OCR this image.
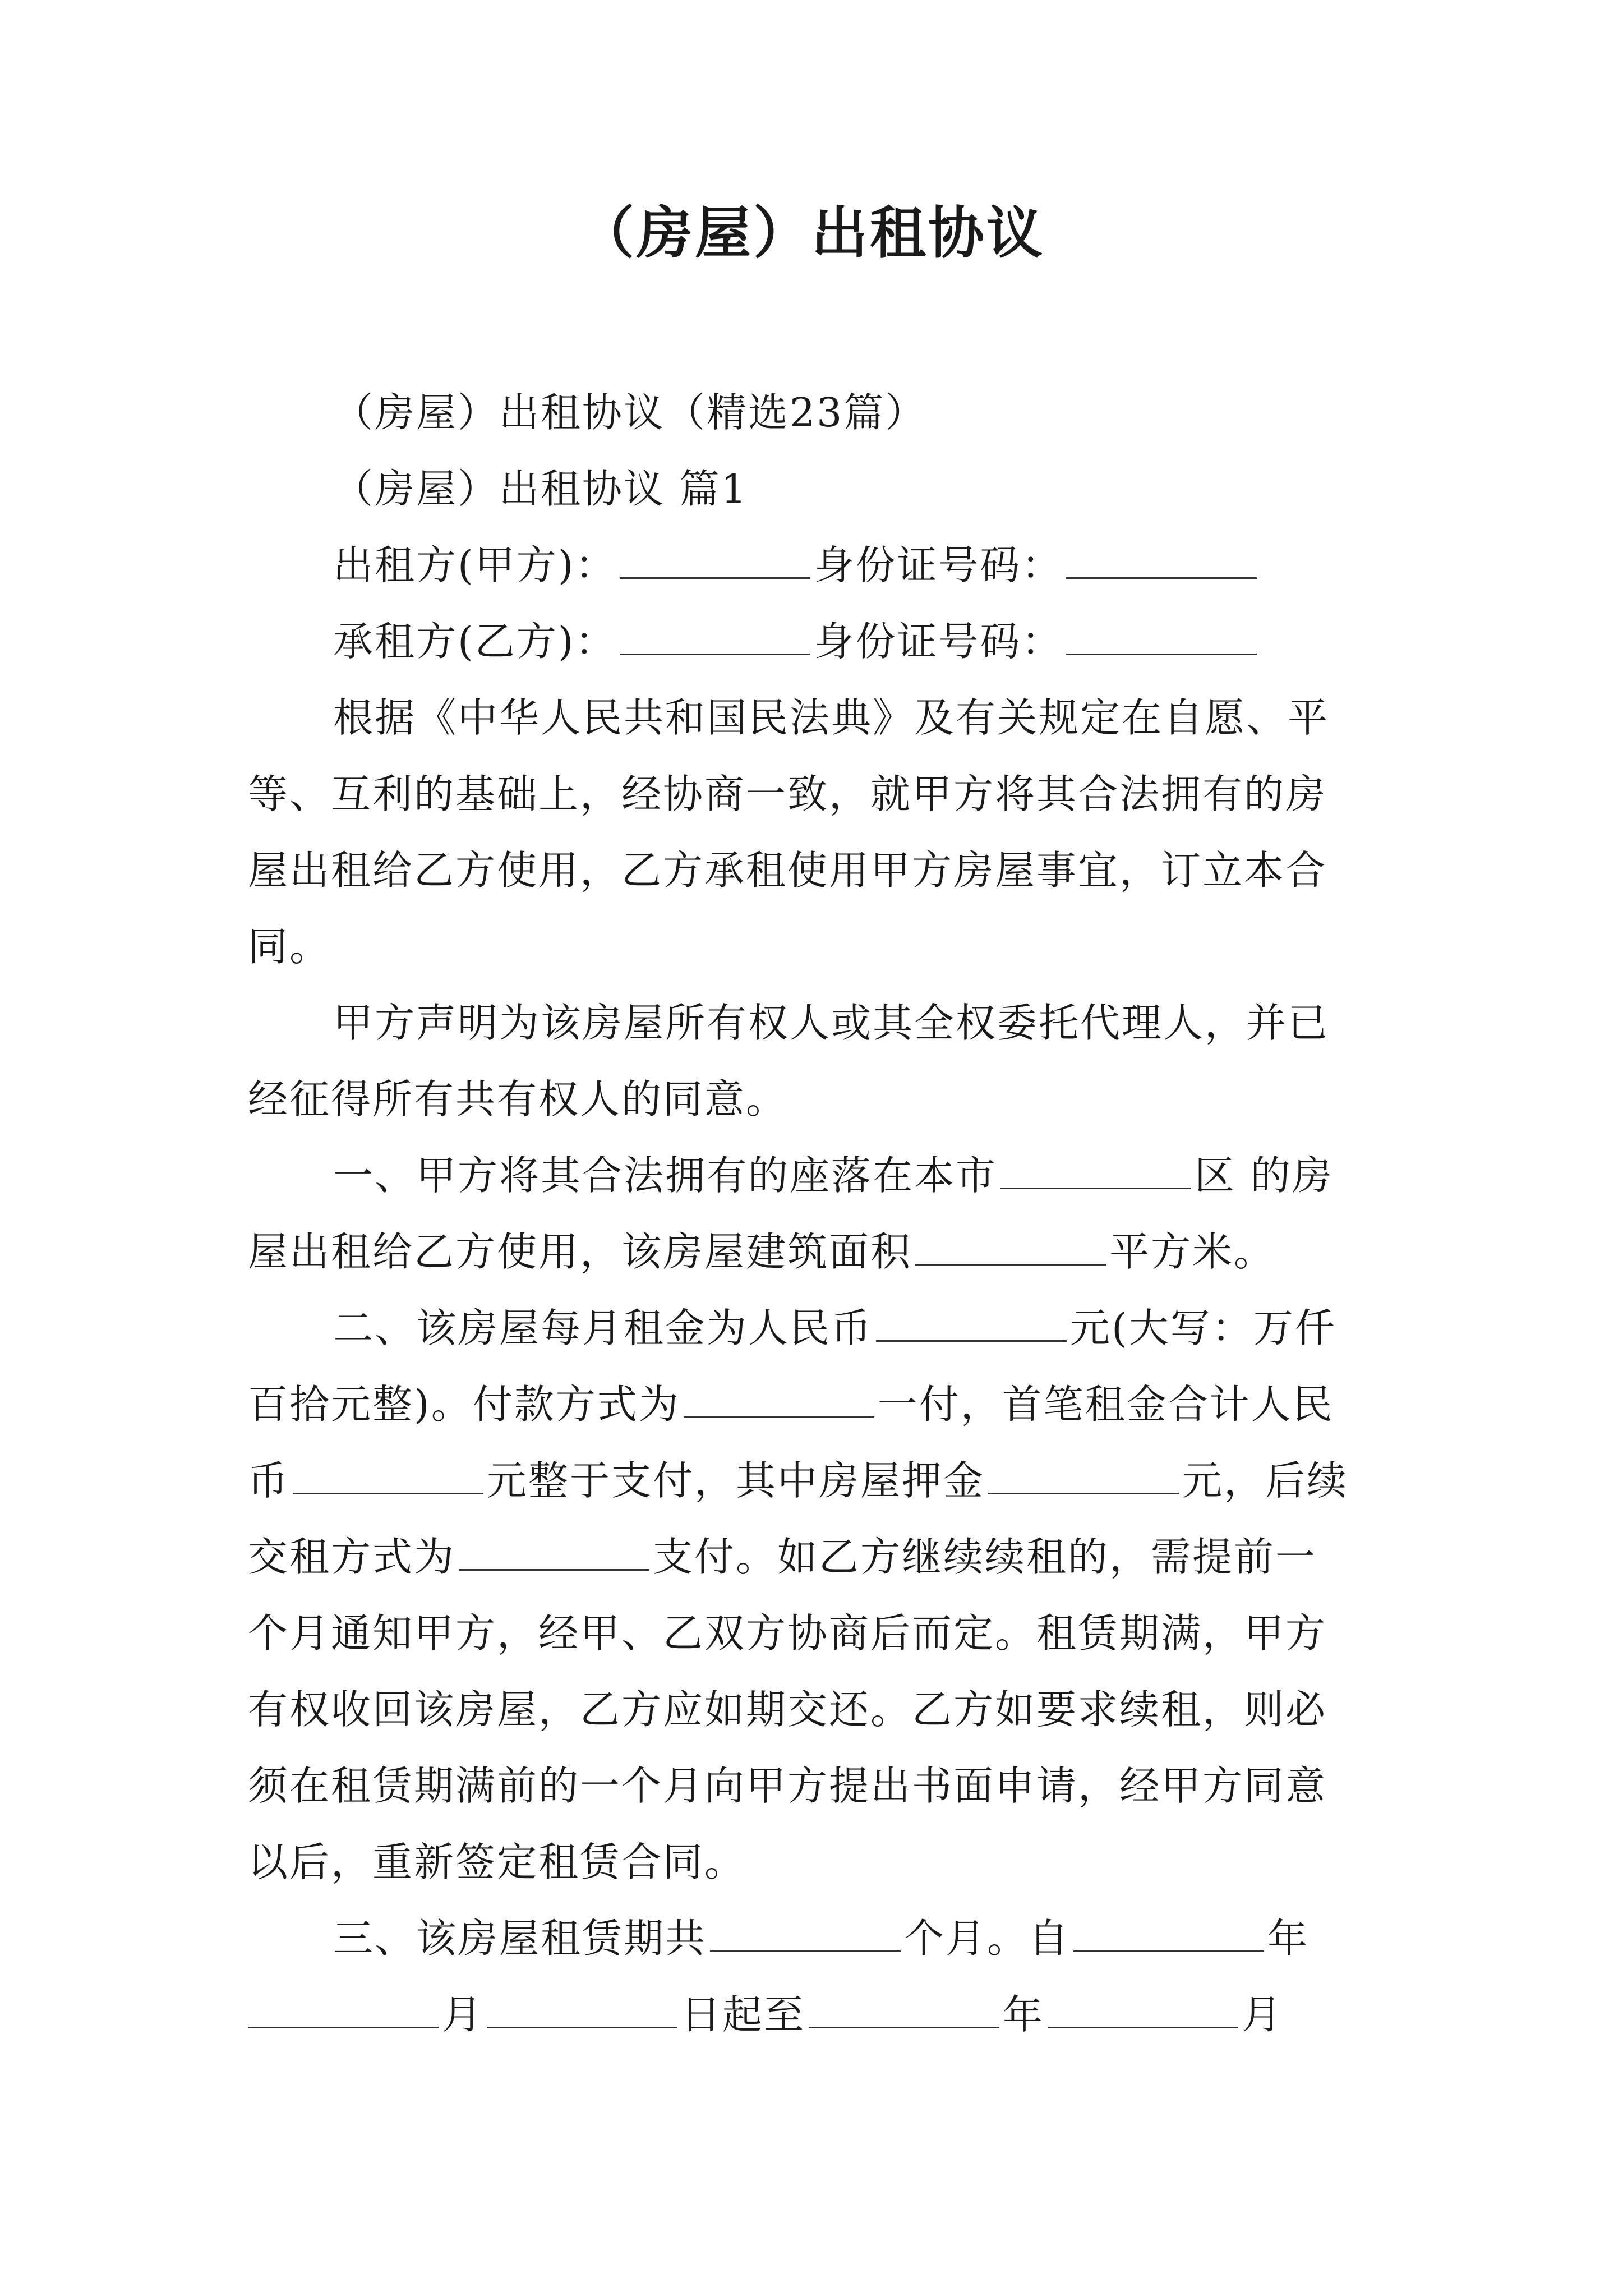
（房屋）出租协议
（房屋）出租协议（精选23篇）
（房屋）出租协议 篇1
出租方(甲方)：	身份证号码：
承租方(乙方)：	身份证号码：
根据《中华人民共和国民法典》及有关规定在自愿、平
等、互利的基础上，经协商一致，就甲方将其合法拥有的房
屋出租给乙方使用，乙方承租使用甲方房屋事宜，订立本合
同。
甲方声明为该房屋所有权人或其全权委托代理人，并已
经征得所有共有权人的同意。
一、甲方将其合法拥有的座落在本市	区 的房
屋出租给乙方使用，该房屋建筑面积	平方米。
二、该房屋每月租金为人民币	元(大写：万仟
百拾元整)。付款方式为	一付，首笔租金合计人民
币	元整于支付，其中房屋押金	元，后续
交租方式为	支付。如乙方继续续租的，需提前一
个月通知甲方，经甲、乙双方协商后而定。租赁期满，甲方
有权收回该房屋，乙方应如期交还。乙方如要求续租，则必
须在租赁期满前的一个月向甲方提出书面申请，经甲方同意
以后，重新签定租赁合同。
三、该房屋租赁期共	个月。自	年
月	日起至	年	月
